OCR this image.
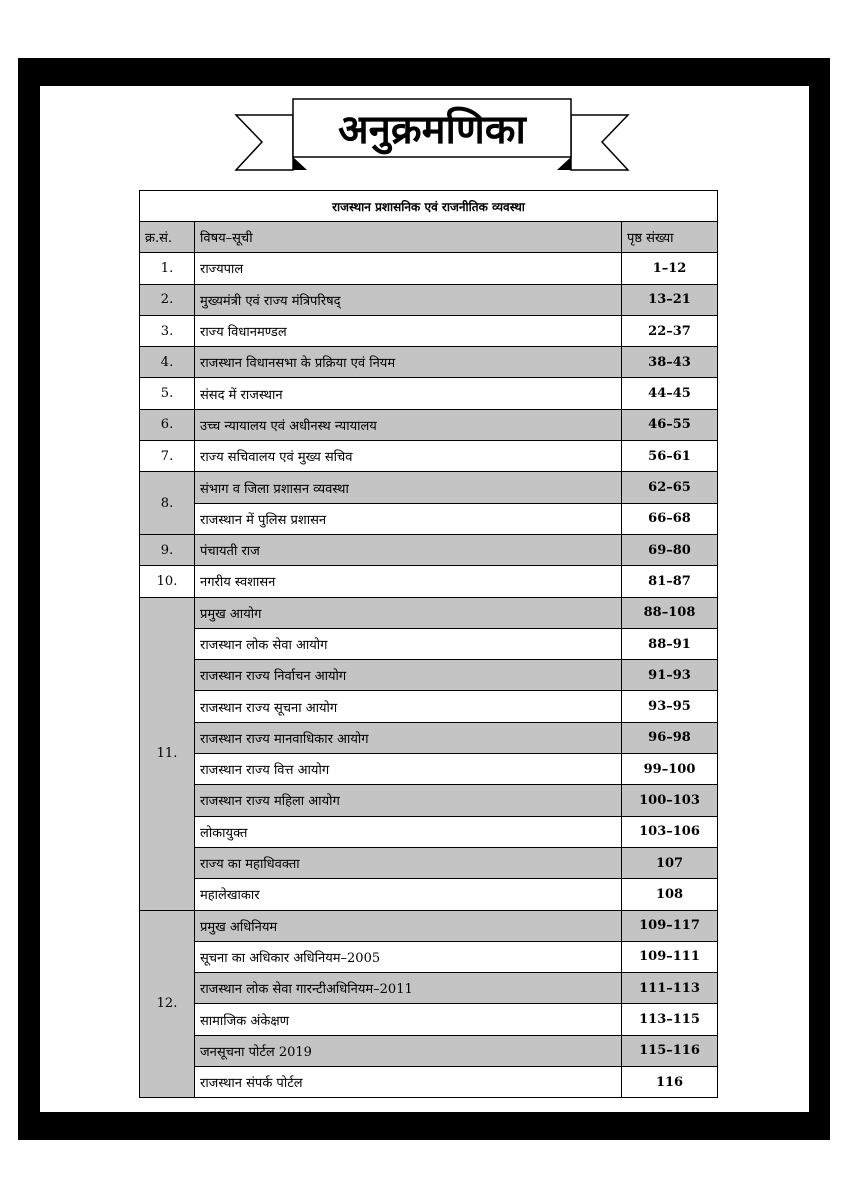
अनुक्रमणिका
राजस्थान प्रशासनिक एवं राजनीतिक व्यवस्था		
क्र.सं.	विषय–सूची	पृष्ठ संख्या
1.	राज्यपाल	1–12
2.	मुख्यमंत्री एवं राज्य मंत्रिपरिषद्	13–21
3.	राज्य विधानमण्डल	22–37
4.	राजस्थान विधानसभा के प्रक्रिया एवं नियम	38–43
5.	संसद में राजस्थान	44–45
6.	उच्च न्यायालय एवं अधीनस्थ न्यायालय	46–55
7.	राज्य सचिवालय एवं मुख्य सचिव	56–61
8.	संभाग व जिला प्रशासन व्यवस्था	62–65
	राजस्थान में पुलिस प्रशासन	66–68
9.	पंचायती राज	69–80
10.	नगरीय स्वशासन	81–87
11.	प्रमुख आयोग	88–108
	राजस्थान लोक सेवा आयोग	88–91
	राजस्थान राज्य निर्वाचन आयोग	91–93
	राजस्थान राज्य सूचना आयोग	93–95
	राजस्थान राज्य मानवाधिकार आयोग	96–98
	राजस्थान राज्य वित्त आयोग	99–100
	राजस्थान राज्य महिला आयोग	100–103
	लोकायुक्त	103–106
	राज्य का महाधिवक्ता	107
	महालेखाकार	108
12.	प्रमुख अधिनियम	109–117
	सूचना का अधिकार अधिनियम–2005	109–111
	राजस्थान लोक सेवा गारन्टीअधिनियम–2011	111–113
	सामाजिक अंकेक्षण	113–115
	जनसूचना पोर्टल 2019	115–116
	राजस्थान संपर्क पोर्टल	116
